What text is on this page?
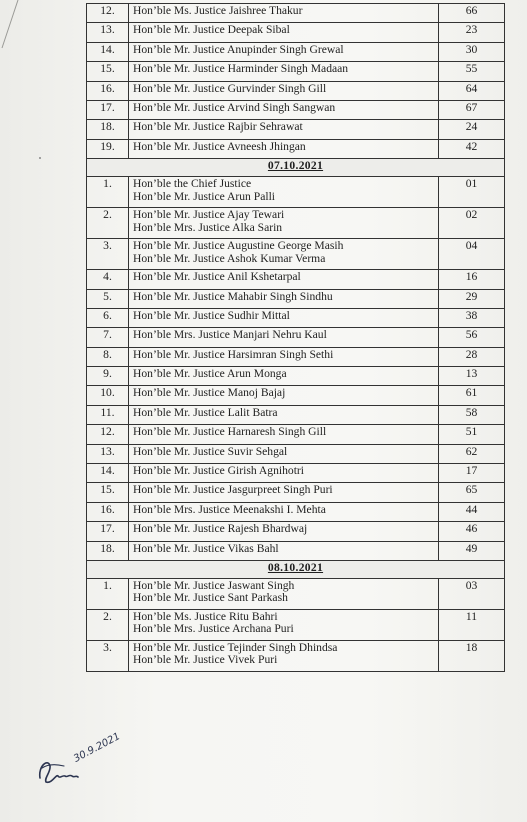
12.	Hon’ble Ms. Justice Jaishree Thakur	66
13.	Hon’ble Mr. Justice Deepak Sibal	23
14.	Hon’ble Mr. Justice Anupinder Singh Grewal	30
15.	Hon’ble Mr. Justice Harminder Singh Madaan	55
16.	Hon’ble Mr. Justice Gurvinder Singh Gill	64
17.	Hon’ble Mr. Justice Arvind Singh Sangwan	67
18.	Hon’ble Mr. Justice Rajbir Sehrawat	24
19.	Hon’ble Mr. Justice Avneesh Jhingan	42
07.10.2021		
1.	Hon’ble the Chief Justice
Hon’ble Mr. Justice Arun Palli	01
2.	Hon’ble Mr. Justice Ajay Tewari
Hon’ble Mrs. Justice Alka Sarin	02
3.	Hon’ble Mr. Justice Augustine George Masih
Hon’ble Mr. Justice Ashok Kumar Verma	04
4.	Hon’ble Mr. Justice Anil Kshetarpal	16
5.	Hon’ble Mr. Justice Mahabir Singh Sindhu	29
6.	Hon’ble Mr. Justice Sudhir Mittal	38
7.	Hon’ble Mrs. Justice Manjari Nehru Kaul	56
8.	Hon’ble Mr. Justice Harsimran Singh Sethi	28
9.	Hon’ble Mr. Justice Arun Monga	13
10.	Hon’ble Mr. Justice Manoj Bajaj	61
11.	Hon’ble Mr. Justice Lalit Batra	58
12.	Hon’ble Mr. Justice Harnaresh Singh Gill	51
13.	Hon’ble Mr. Justice Suvir Sehgal	62
14.	Hon’ble Mr. Justice Girish Agnihotri	17
15.	Hon’ble Mr. Justice Jasgurpreet Singh Puri	65
16.	Hon’ble Mrs. Justice Meenakshi I. Mehta	44
17.	Hon’ble Mr. Justice Rajesh Bhardwaj	46
18.	Hon’ble Mr. Justice Vikas Bahl	49
08.10.2021		
1.	Hon’ble Mr. Justice Jaswant Singh
Hon’ble Mr. Justice Sant Parkash	03
2.	Hon’ble Ms. Justice Ritu Bahri
Hon’ble Mrs. Justice Archana Puri	11
3.	Hon’ble Mr. Justice Tejinder Singh Dhindsa
Hon’ble Mr. Justice Vivek Puri	18
30.9.2021
